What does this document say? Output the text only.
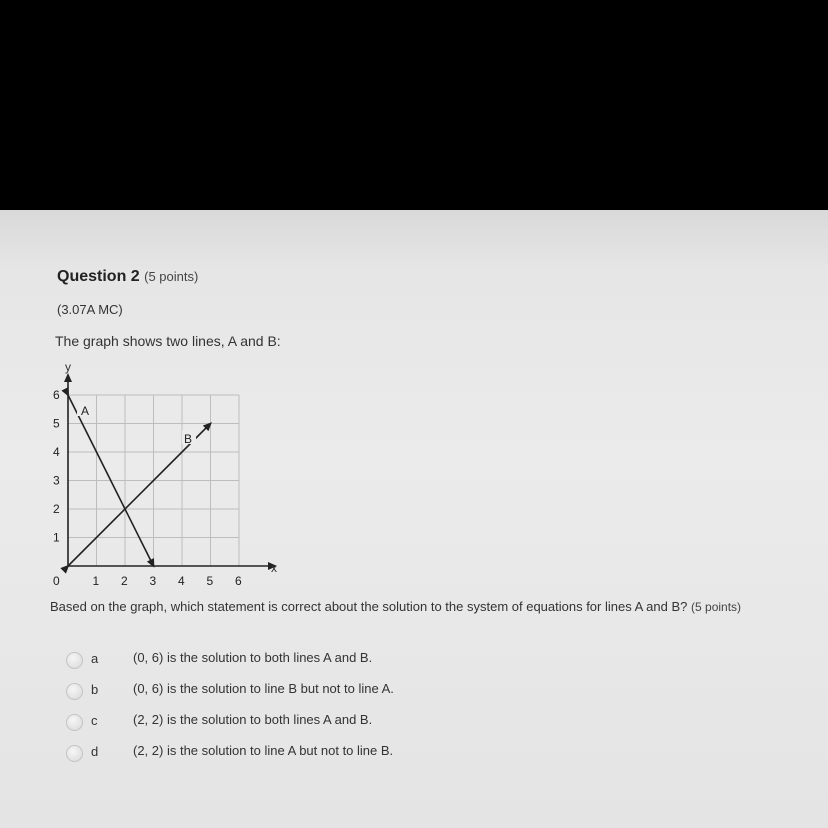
Question 2 (5 points)
(3.07A MC)
The graph shows two lines, A and B:
y
x
0	1 2 3 4 5 6
1
2
3
4
5
6
A
B
Based on the graph, which statement is correct about the solution to the system of equations for lines A and B? (5 points)
a	(0, 6) is the solution to both lines A and B.
b	(0, 6) is the solution to line B but not to line A.
c	(2, 2) is the solution to both lines A and B.
d	(2, 2) is the solution to line A but not to line B.
